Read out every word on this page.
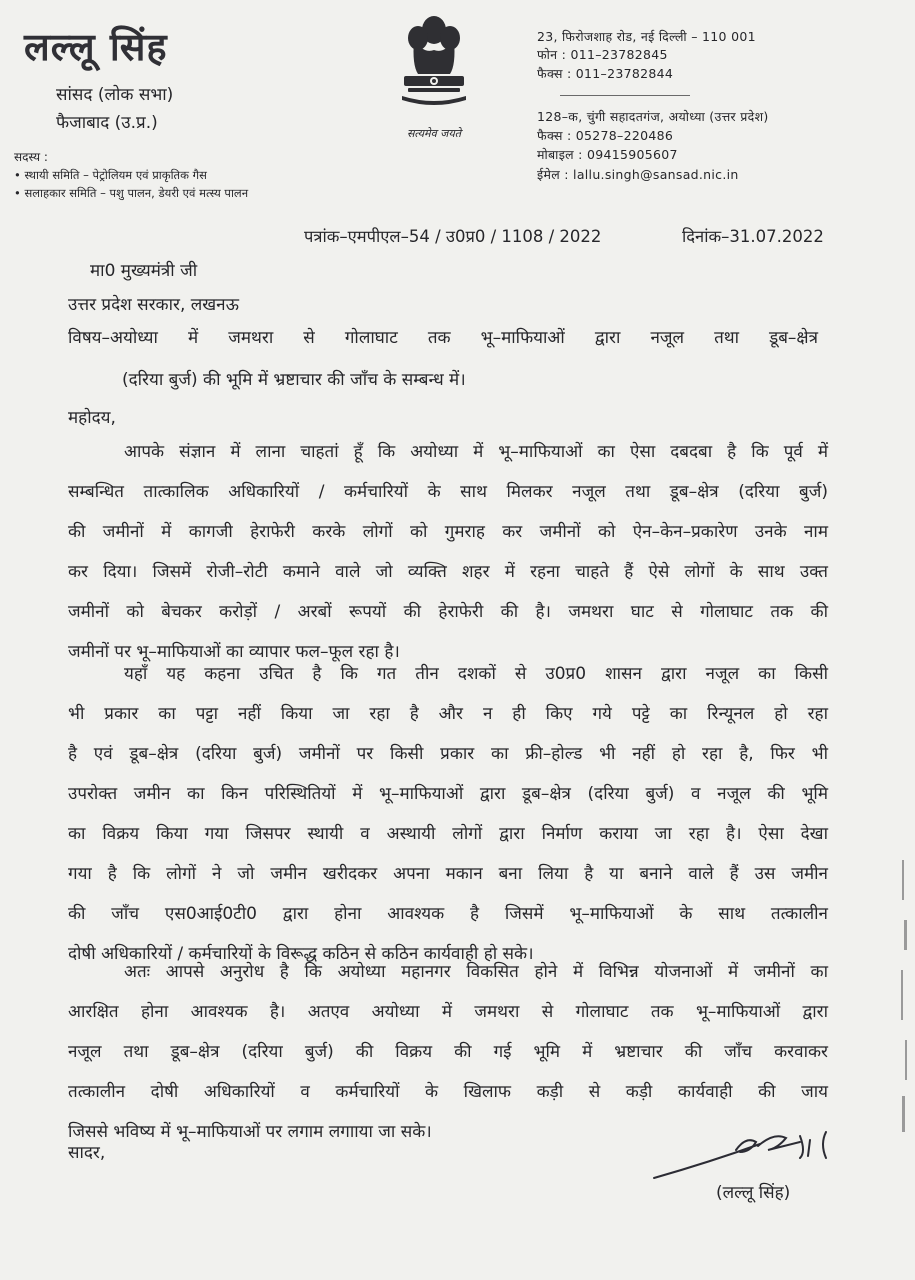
लल्लू सिंह
सांसद (लोक सभा)
फैजाबाद (उ.प्र.)
सदस्य :
• स्थायी समिति – पेट्रोलियम एवं प्राकृतिक गैस
• सलाहकार समिति – पशु पालन, डेयरी एवं मत्स्य पालन
सत्यमेव जयते
23, फिरोजशाह रोड, नई दिल्ली – 110 001
फोन : 011–23782845
फैक्स : 011–23782844
128–क, चुंगी सहादतगंज, अयोध्या (उत्तर प्रदेश)
फैक्स : 05278–220486
मोबाइल : 09415905607
ईमेल : lallu.singh@sansad.nic.in
पत्रांक–एमपीएल–54 / उ0प्र0 / 1108 / 2022	दिनांक–31.07.2022
मा0 मुख्यमंत्री जी
उत्तर प्रदेश सरकार, लखनऊ
विषय–अयोध्या में जमथरा से गोलाघाट तक भू–माफियाओं द्वारा नजूल तथा डूब–क्षेत्र
(दरिया बुर्ज) की भूमि में भ्रष्टाचार की जाँच के सम्बन्ध में।
महोदय,
आपके संज्ञान में लाना चाहतां हूँ कि अयोध्या में भू–माफियाओं का ऐसा दबदबा है कि पूर्व में
सम्बन्धित तात्कालिक अधिकारियों / कर्मचारियों के साथ मिलकर नजूल तथा डूब–क्षेत्र (दरिया बुर्ज)
की जमीनों में कागजी हेराफेरी करके लोगों को गुमराह कर जमीनों को ऐन–केन–प्रकारेण उनके नाम
कर दिया। जिसमें रोजी–रोटी कमाने वाले जो व्यक्ति शहर में रहना चाहते हैं ऐसे लोगों के साथ उक्त
जमीनों को बेचकर करोड़ों / अरबों रूपयों की हेराफेरी की है। जमथरा घाट से गोलाघाट तक की
जमीनों पर भू–माफियाओं का व्यापार फल–फूल रहा है।
यहाँ यह कहना उचित है कि गत तीन दशकों से उ0प्र0 शासन द्वारा नजूल का किसी
भी प्रकार का पट्टा नहीं किया जा रहा है और न ही किए गये पट्टे का रिन्यूनल हो रहा
है एवं डूब–क्षेत्र (दरिया बुर्ज) जमीनों पर किसी प्रकार का फ्री–होल्ड भी नहीं हो रहा है, फिर भी
उपरोक्त जमीन का किन परिस्थितियों में भू–माफियाओं द्वारा डूब–क्षेत्र (दरिया बुर्ज) व नजूल की भूमि
का विक्रय किया गया जिसपर स्थायी व अस्थायी लोगों द्वारा निर्माण कराया जा रहा है। ऐसा देखा
गया है कि लोगों ने जो जमीन खरीदकर अपना मकान बना लिया है या बनाने वाले हैं उस जमीन
की जाँच एस0आई0टी0 द्वारा होना आवश्यक है जिसमें भू–माफियाओं के साथ तत्कालीन
दोषी अधिकारियों / कर्मचारियों के विरूद्ध कठिन से कठिन कार्यवाही हो सके।
अतः आपसे अनुरोध है कि अयोध्या महानगर विकसित होने में विभिन्न योजनाओं में जमीनों का
आरक्षित होना आवश्यक है। अतएव अयोध्या में जमथरा से गोलाघाट तक भू–माफियाओं द्वारा
नजूल तथा डूब–क्षेत्र (दरिया बुर्ज) की विक्रय की गई भूमि में भ्रष्टाचार की जाँच करवाकर
तत्कालीन दोषी अधिकारियों व कर्मचारियों के खिलाफ कड़ी से कड़ी कार्यवाही की जाय
जिससे भविष्य में भू–माफियाओं पर लगाम लगााया जा सके।
सादर,
(लल्लू सिंह)
